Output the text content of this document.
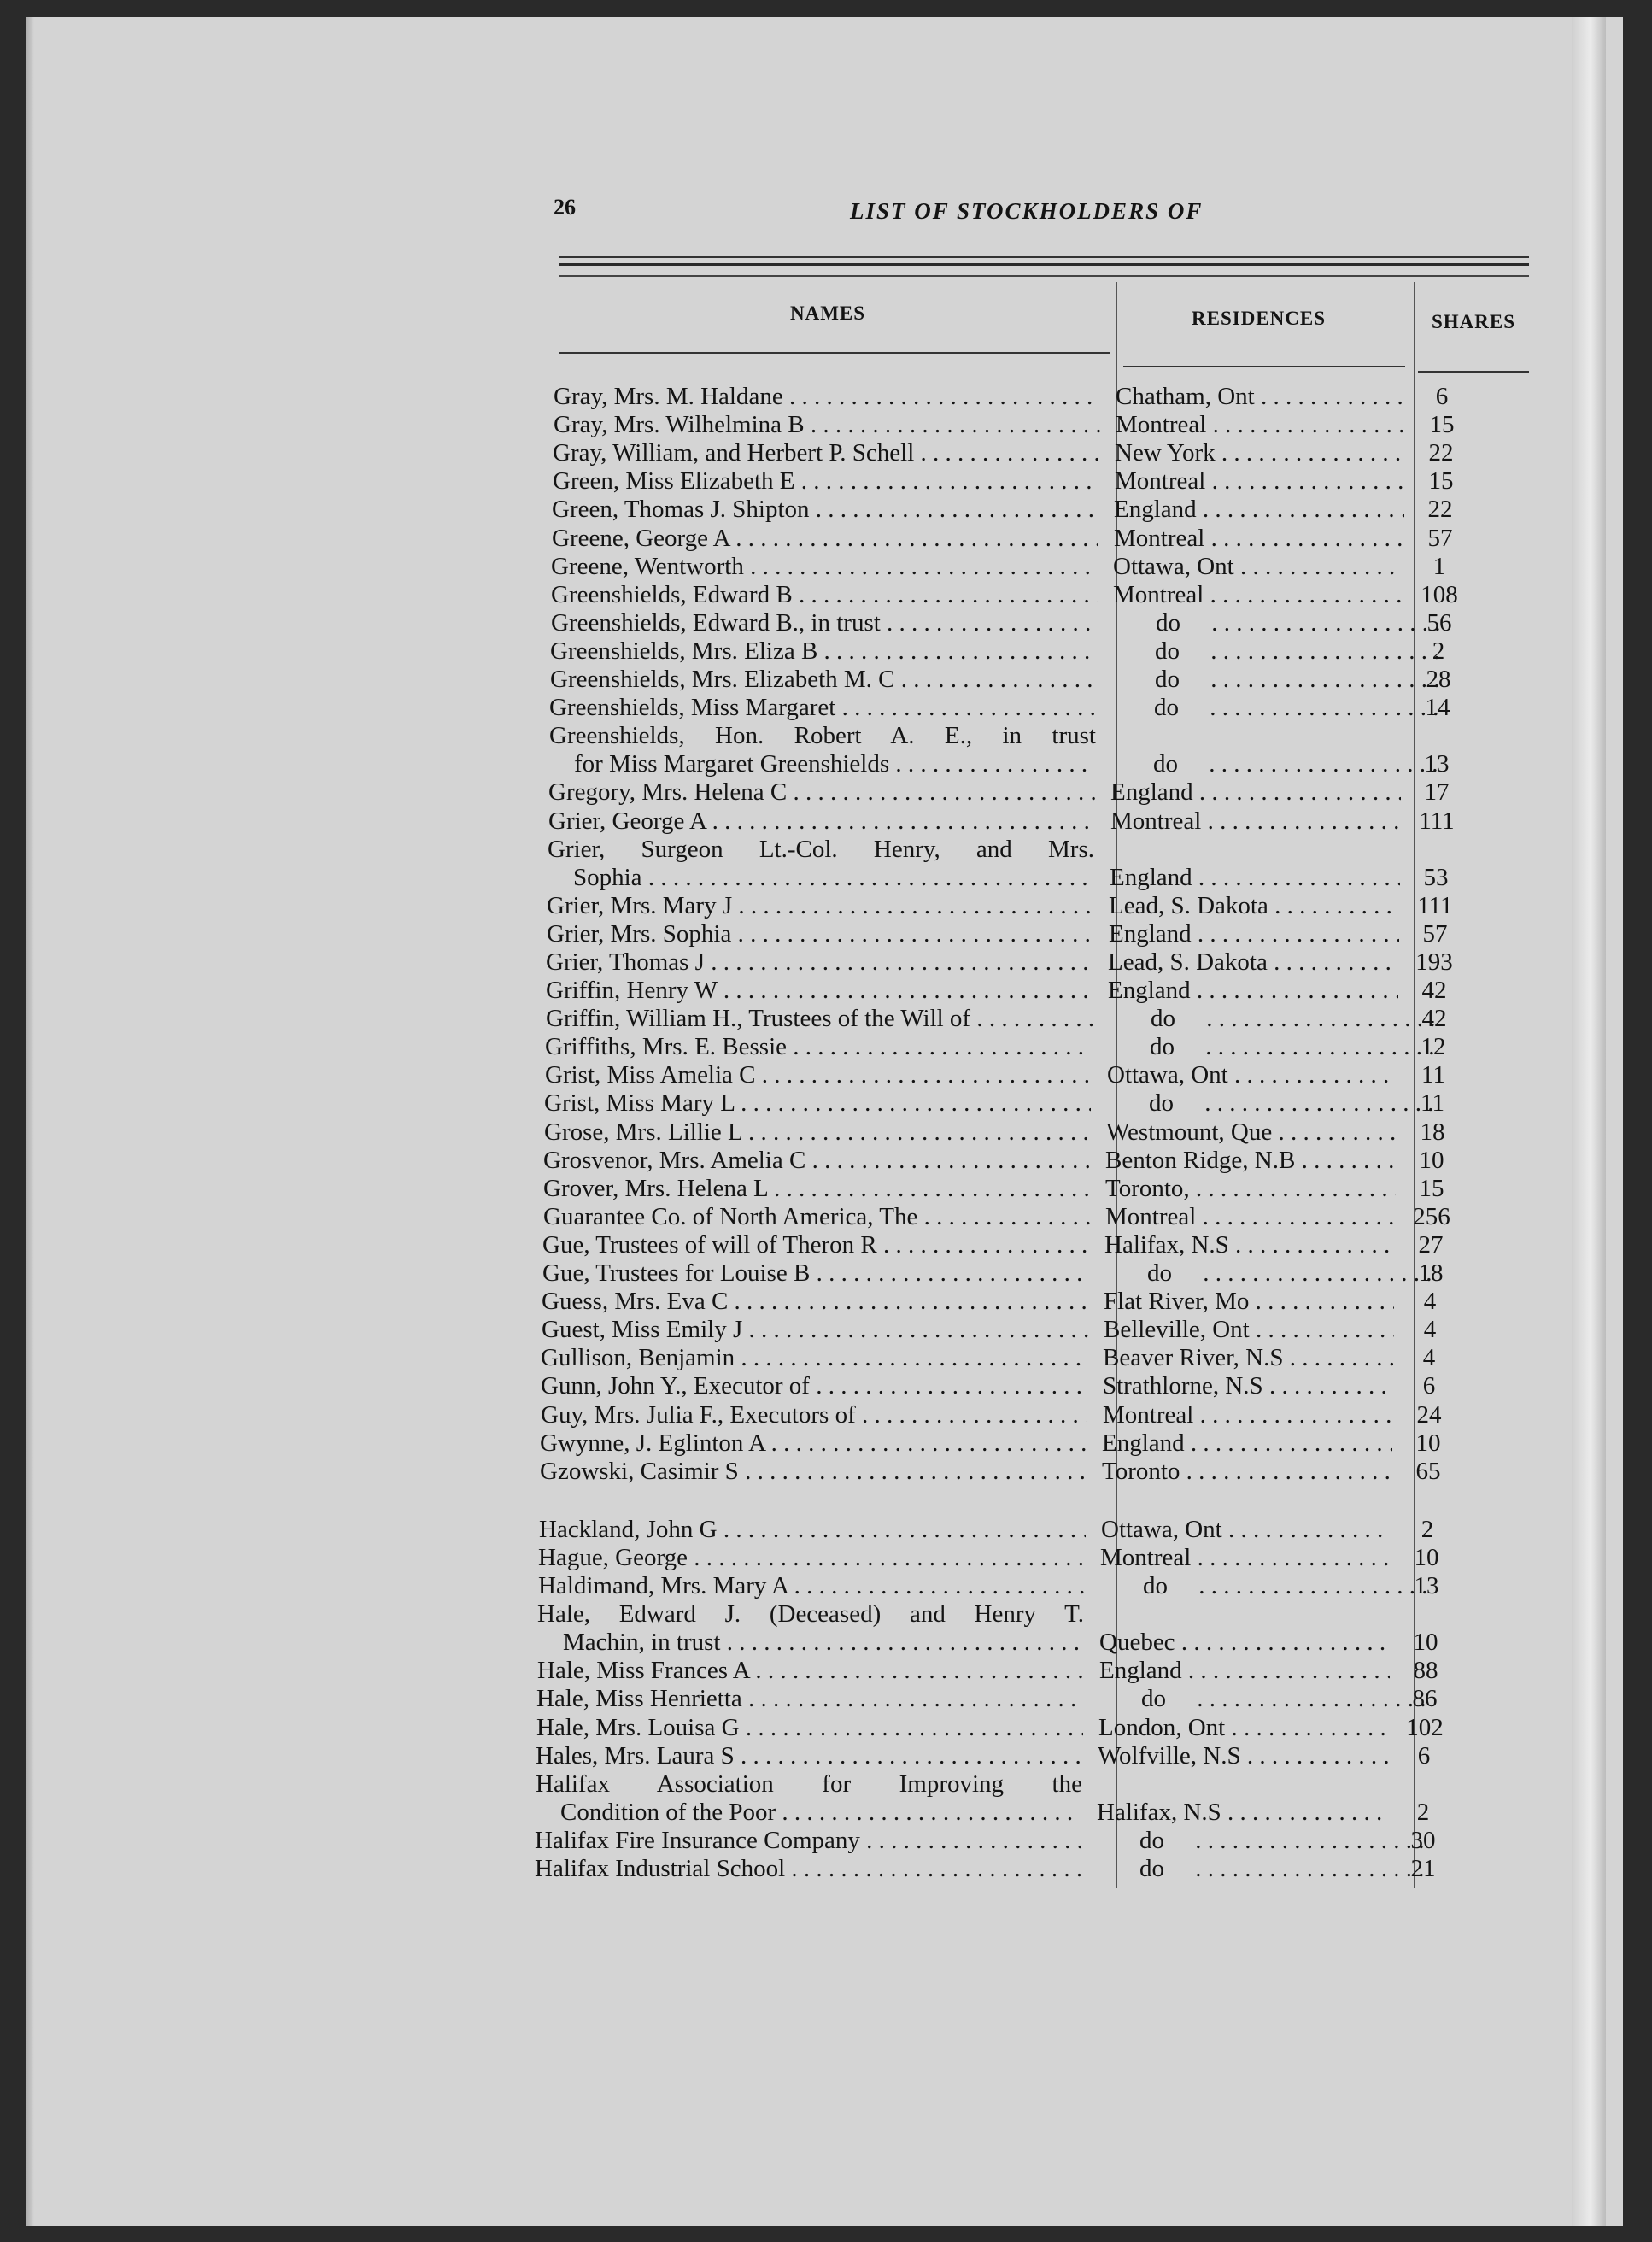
26	LIST OF STOCKHOLDERS OF
NAMES	RESIDENCES	SHARES
Gray, Mrs. M. Haldane . . .	Chatham, Ont . . .	6
Gray, Mrs. Wilhelmina B . . .	Montreal . . .	15
Gray, William, and Herbert P. Schell . . .	New York . . .	22
Green, Miss Elizabeth E . . .	Montreal . . .	15
Green, Thomas J. Shipton . . .	England . . .	22
Greene, George A . . .	Montreal . . .	57
Greene, Wentworth . . .	Ottawa, Ont . . .	1
Greenshields, Edward B . . .	Montreal . . .	108
Greenshields, Edward B., in trust . . .	do . . .	56
Greenshields, Mrs. Eliza B . . .	do . . .	2
Greenshields, Mrs. Elizabeth M. C . . .	do . . .	28
Greenshields, Miss Margaret . . .	do . . .	14
Greenshields, Hon. Robert A. E., in trust
for Miss Margaret Greenshields . . .	do . . .	13
Gregory, Mrs. Helena C . . .	England . . .	17
Grier, George A . . .	Montreal . . .	111
Grier, Surgeon Lt.-Col. Henry, and Mrs.
Sophia . . .	England . . .	53
Grier, Mrs. Mary J . . .	Lead, S. Dakota . . .	111
Grier, Mrs. Sophia . . .	England . . .	57
Grier, Thomas J . . .	Lead, S. Dakota . . .	193
Griffin, Henry W . . .	England . . .	42
Griffin, William H., Trustees of the Will of . . .	do . . .	42
Griffiths, Mrs. E. Bessie . . .	do . . .	12
Grist, Miss Amelia C . . .	Ottawa, Ont . . .	11
Grist, Miss Mary L . . .	do . . .	11
Grose, Mrs. Lillie L . . .	Westmount, Que . . .	18
Grosvenor, Mrs. Amelia C . . .	Benton Ridge, N.B . . .	10
Grover, Mrs. Helena L . . .	Toronto, . . .	15
Guarantee Co. of North America, The . . .	Montreal . . .	256
Gue, Trustees of will of Theron R . . .	Halifax, N.S . . .	27
Gue, Trustees for Louise B . . .	do . . .	18
Guess, Mrs. Eva C . . .	Flat River, Mo . . .	4
Guest, Miss Emily J . . .	Belleville, Ont . . .	4
Gullison, Benjamin . . .	Beaver River, N.S . . .	4
Gunn, John Y., Executor of . . .	Strathlorne, N.S . . .	6
Guy, Mrs. Julia F., Executors of . . .	Montreal . . .	24
Gwynne, J. Eglinton A . . .	England . . .	10
Gzowski, Casimir S . . .	Toronto . . .	65
Hackland, John G . . .	Ottawa, Ont . . .	2
Hague, George . . .	Montreal . . .	10
Haldimand, Mrs. Mary A . . .	do . . .	13
Hale, Edward J. (Deceased) and Henry T.
Machin, in trust . . .	Quebec . . .	10
Hale, Miss Frances A . . .	England . . .	88
Hale, Miss Henrietta . . .	do . . .	86
Hale, Mrs. Louisa G . . .	London, Ont . . .	102
Hales, Mrs. Laura S . . .	Wolfville, N.S . . .	6
Halifax Association for Improving the
Condition of the Poor . . .	Halifax, N.S . . .	2
Halifax Fire Insurance Company . . .	do . . .	30
Halifax Industrial School . . .	do . . .	21
